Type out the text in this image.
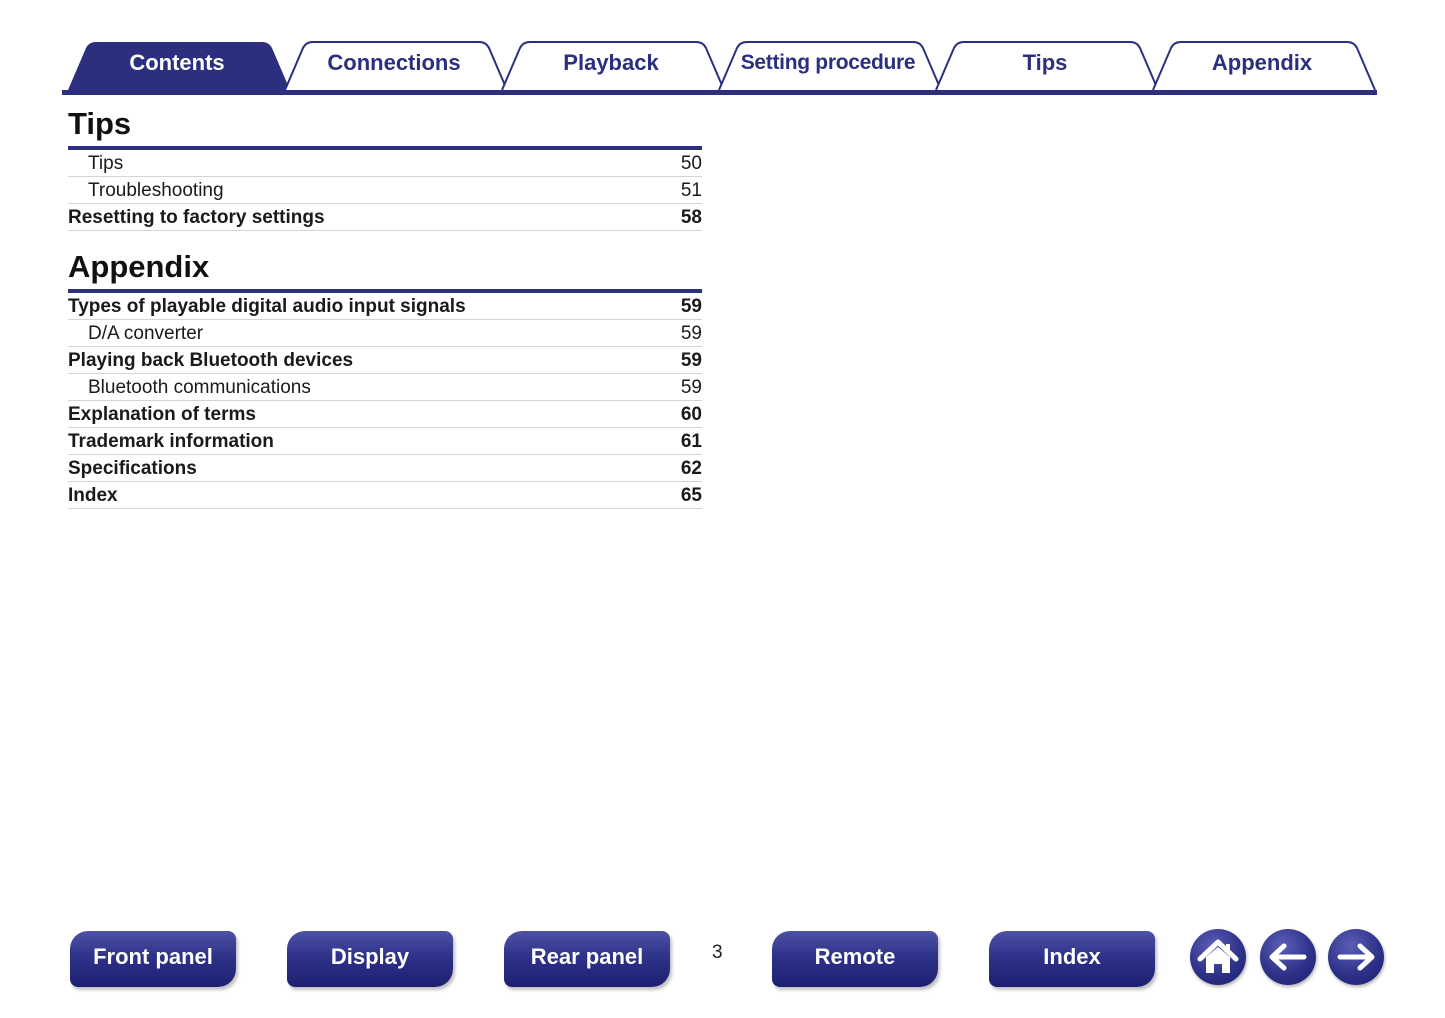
Contents	Connections	Playback	Setting procedure	Tips	Appendix
Tips
Tips	50
Troubleshooting	51
Resetting to factory settings	58
Appendix
Types of playable digital audio input signals	59
D/A converter	59
Playing back Bluetooth devices	59
Bluetooth communications	59
Explanation of terms	60
Trademark information	61
Specifications	62
Index	65
Front panel	Display	Rear panel	3	Remote	Index
